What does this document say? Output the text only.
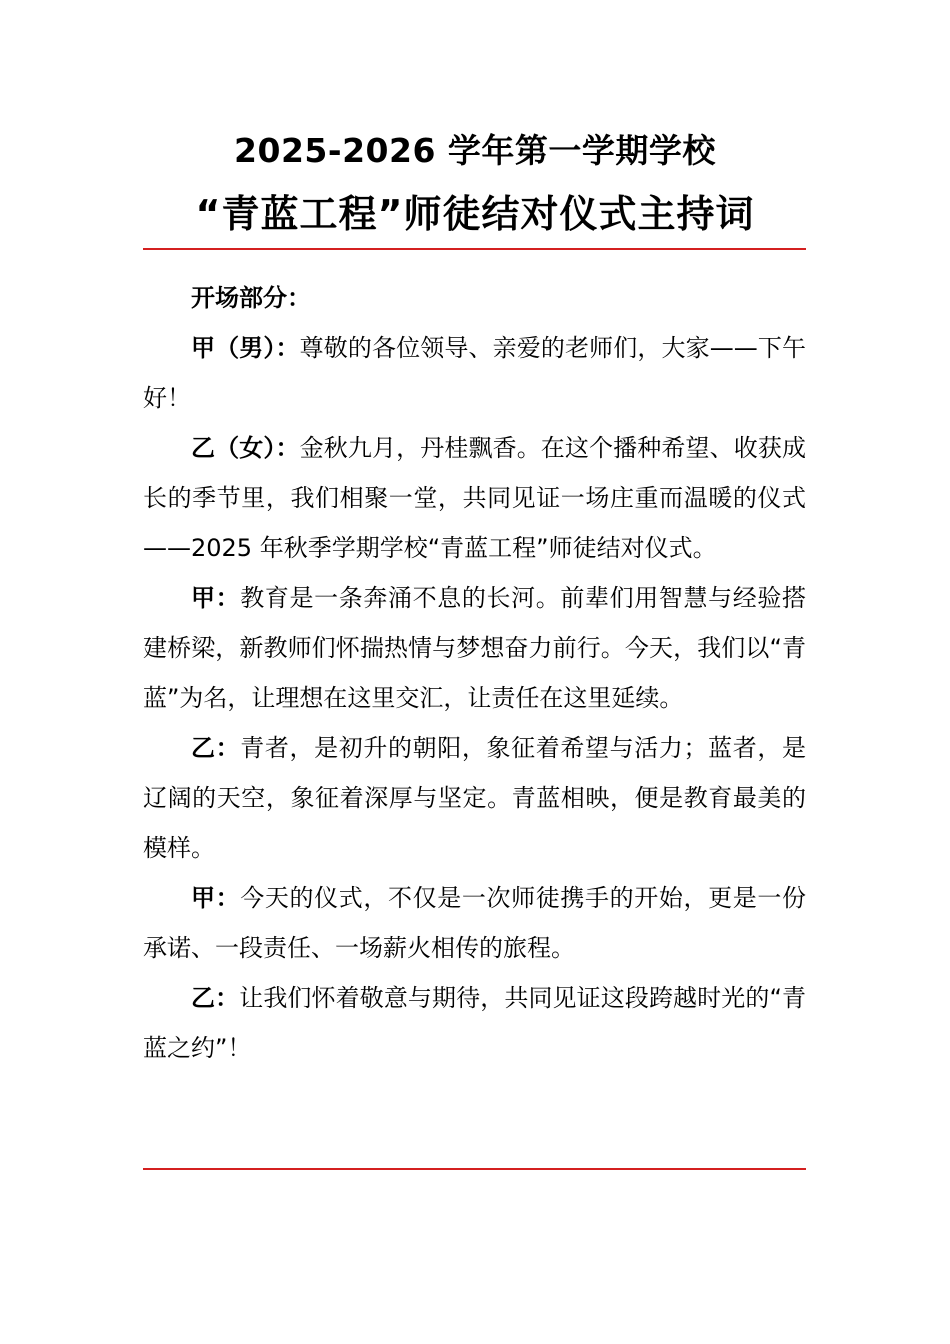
2025-2026 学年第一学期学校
“青蓝工程”师徒结对仪式主持词

开场部分：

甲（男）：尊敬的各位领导、亲爱的老师们，大家——下午好！

乙（女）：金秋九月，丹桂飘香。在这个播种希望、收获成长的季节里，我们相聚一堂，共同见证一场庄重而温暖的仪式——2025 年秋季学期学校“青蓝工程”师徒结对仪式。

甲：教育是一条奔涌不息的长河。前辈们用智慧与经验搭建桥梁，新教师们怀揣热情与梦想奋力前行。今天，我们以“青蓝”为名，让理想在这里交汇，让责任在这里延续。

乙：青者，是初升的朝阳，象征着希望与活力；蓝者，是辽阔的天空，象征着深厚与坚定。青蓝相映，便是教育最美的模样。

甲：今天的仪式，不仅是一次师徒携手的开始，更是一份承诺、一段责任、一场薪火相传的旅程。

乙：让我们怀着敬意与期待，共同见证这段跨越时光的“青蓝之约”！
